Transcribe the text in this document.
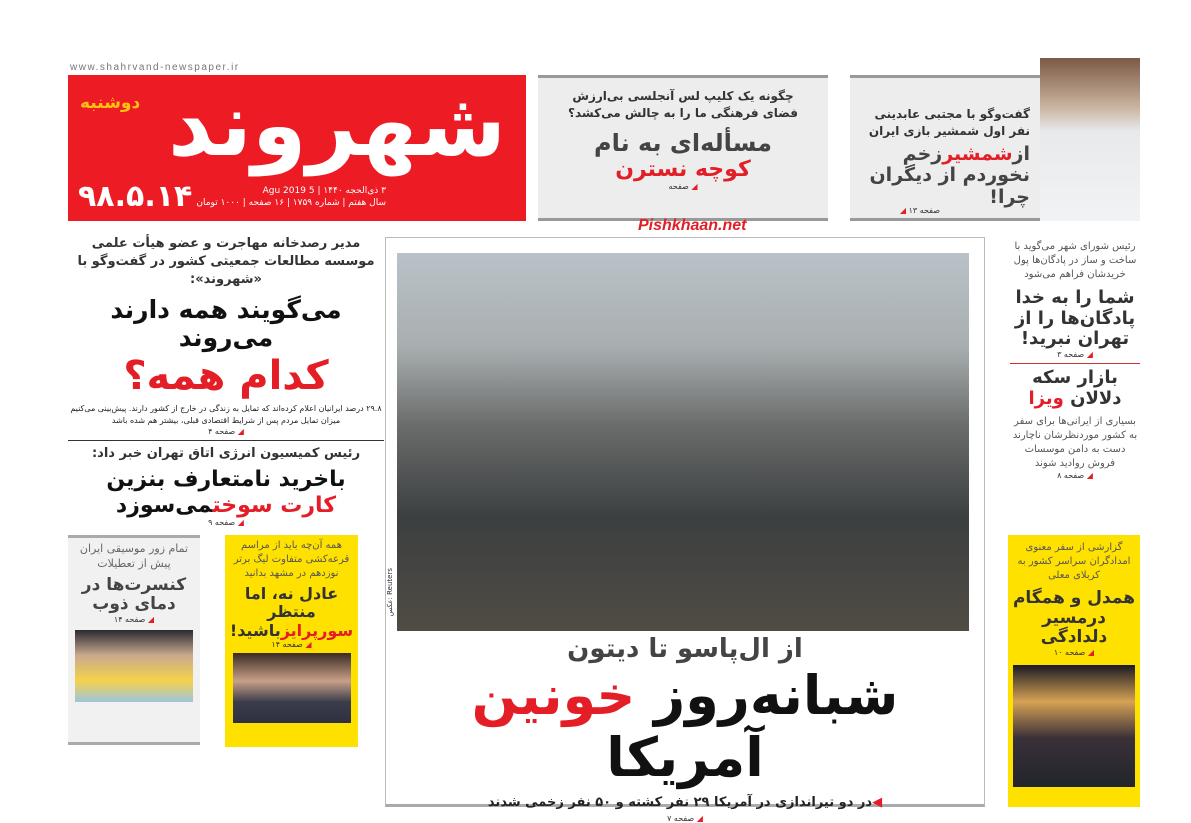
www.shahrvand-newspaper.ir
شهروند
دوشنبه
۹۸.۵.۱۴	۳ ذی‌الحجه ۱۴۴۰ | 5 Agu 2019
سال هفتم | شماره ۱۷۵۹ | ۱۶ صفحه | ۱۰۰۰ تومان
چگونه یک کلیپ لس آنجلسی بی‌ارزش فضای فرهنگی ما را به چالش می‌کشد؟
مسأله‌ای به نام
کوچه نسترن
◢ صفحه
Pishkhaan.net
گفت‌وگو با مجتبی عابدینی نفر اول شمشیر بازی ایران
ازشمشیرزخم نخوردم از دیگران چرا!
◢ صفحه ۱۳
مدیر رصدخانه مهاجرت و عضو هیأت علمی موسسه مطالعات جمعیتی کشور در گفت‌وگو با «شهروند»:
می‌گویند همه دارند می‌روند
کدام همه؟
۲۹.۸ درصد ایرانیان اعلام کرده‌اند که تمایل به زندگی در خارج از کشور دارند. پیش‌بینی می‌کنیم میزان تمایل مردم پس از شرایط اقتصادی قبلی، بیشتر هم شده باشد
◢ صفحه ۴
رئیس کمیسیون انرژی اتاق تهران خبر داد:
باخرید نامتعارف بنزین
کارت سوختمی‌سوزد
◢ صفحه ۹
تمام زور موسیقی ایران پیش از تعطیلات
کنسرت‌ها در دمای ذوب
◢ صفحه ۱۴
همه آن‌چه باید از مراسم قرعه‌کشی متفاوت لیگ برتر نوزدهم در مشهد بدانید
عادل نه، اما منتظر
سورپرایزباشید!
◢ صفحه ۱۴
عکس: Reuters
از ال‌پاسو تا دیتون
شبانه‌روز خونین آمریکا
◀در دو تیراندازی در آمریکا ۲۹ نفر کشته و ۵۰ نفر زخمی شدند
◢ صفحه ۷
رئیس شورای شهر می‌گوید با ساخت و ساز در پادگان‌ها پول خریدشان فراهم می‌شود
شما را به خدا پادگان‌ها را از تهران نبرید!
◢ صفحه ۳
بازار سکه
دلالان ویزا
بسیاری از ایرانی‌ها برای سفر به کشور موردنظرشان ناچارند دست به دامن موسسات فروش روادید شوند
◢ صفحه ۸
گزارشی از سفر معنوی امدادگران سراسر کشور به کربلای معلی
همدل و همگام درمسیر دلدادگی
◢ صفحه ۱۰
